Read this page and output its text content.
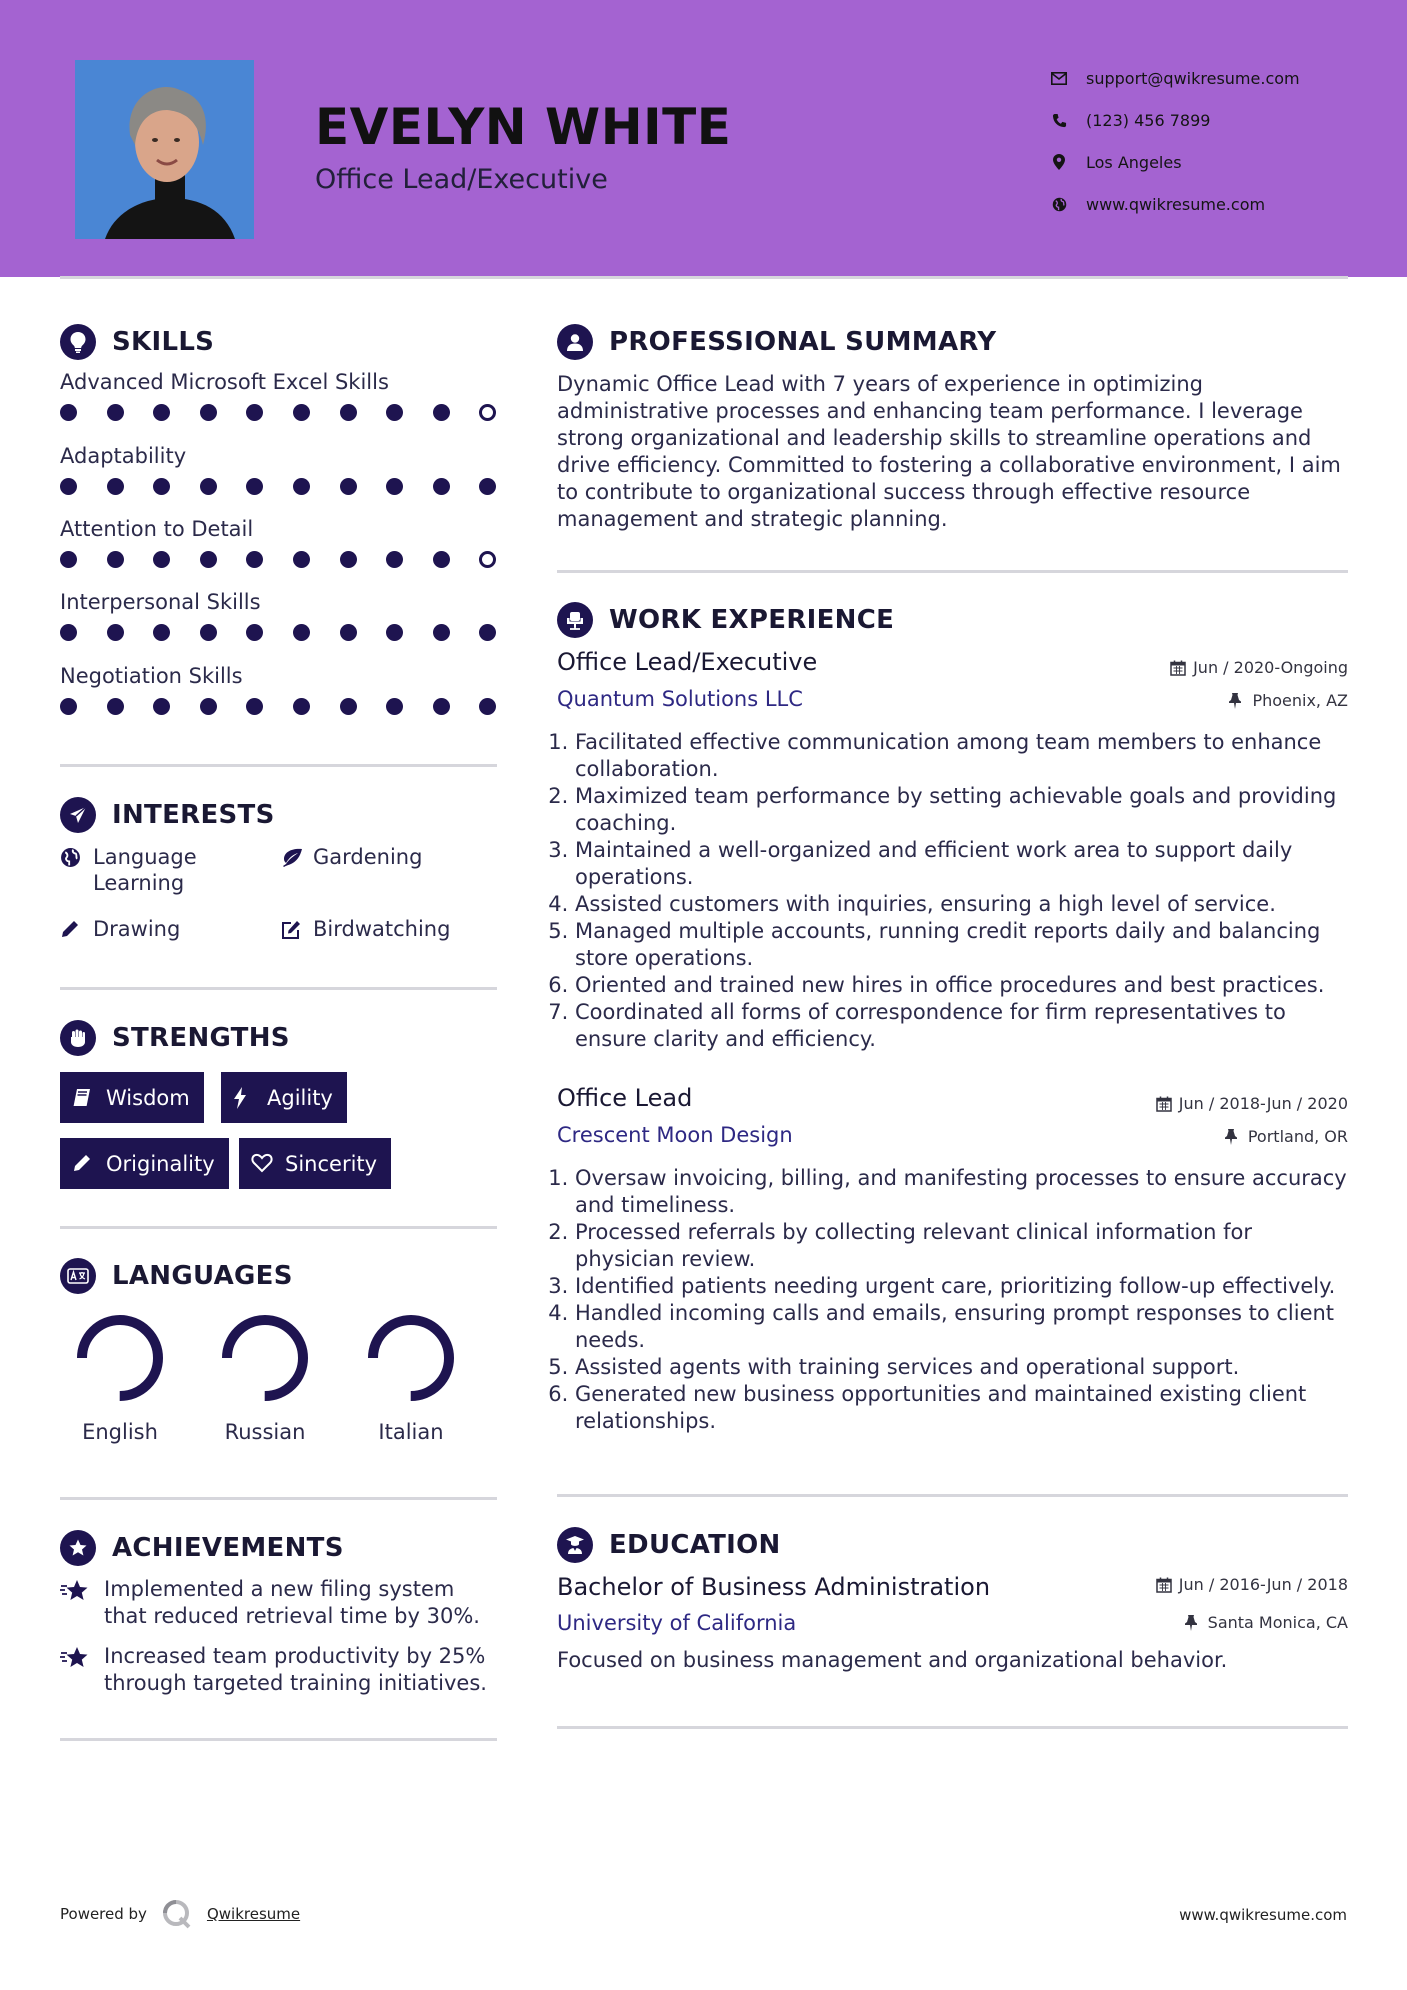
EVELYN WHITE
Office Lead/Executive
support@qwikresume.com
(123) 456 7899
Los Angeles
www.qwikresume.com
SKILLS
Advanced Microsoft Excel Skills
Adaptability
Attention to Detail
Interpersonal Skills
Negotiation Skills
INTERESTS
Language Learning
Gardening
Drawing	Birdwatching
STRENGTHS
Wisdom	Agility
Originality	Sincerity
LANGUAGES
English	Russian	Italian
ACHIEVEMENTS
Implemented a new filing system that reduced retrieval time by 30%.
Increased team productivity by 25% through targeted training initiatives.
PROFESSIONAL SUMMARY
Dynamic Office Lead with 7 years of experience in optimizing administrative processes and enhancing team performance. I leverage strong organizational and leadership skills to streamline operations and drive efficiency. Committed to fostering a collaborative environment, I aim to contribute to organizational success through effective resource management and strategic planning.
WORK EXPERIENCE
Office Lead/Executive	Jun / 2020-Ongoing
Quantum Solutions LLC	Phoenix, AZ
1. Facilitated effective communication among team members to enhance collaboration.
2. Maximized team performance by setting achievable goals and providing coaching.
3. Maintained a well-organized and efficient work area to support daily operations.
4. Assisted customers with inquiries, ensuring a high level of service.
5. Managed multiple accounts, running credit reports daily and balancing store operations.
6. Oriented and trained new hires in office procedures and best practices.
7. Coordinated all forms of correspondence for firm representatives to ensure clarity and efficiency.
Office Lead	Jun / 2018-Jun / 2020
Crescent Moon Design	Portland, OR
1. Oversaw invoicing, billing, and manifesting processes to ensure accuracy and timeliness.
2. Processed referrals by collecting relevant clinical information for physician review.
3. Identified patients needing urgent care, prioritizing follow-up effectively.
4. Handled incoming calls and emails, ensuring prompt responses to client needs.
5. Assisted agents with training services and operational support.
6. Generated new business opportunities and maintained existing client relationships.
EDUCATION
Bachelor of Business Administration	Jun / 2016-Jun / 2018
University of California	Santa Monica, CA
Focused on business management and organizational behavior.
Powered by	Qwikresume	www.qwikresume.com
